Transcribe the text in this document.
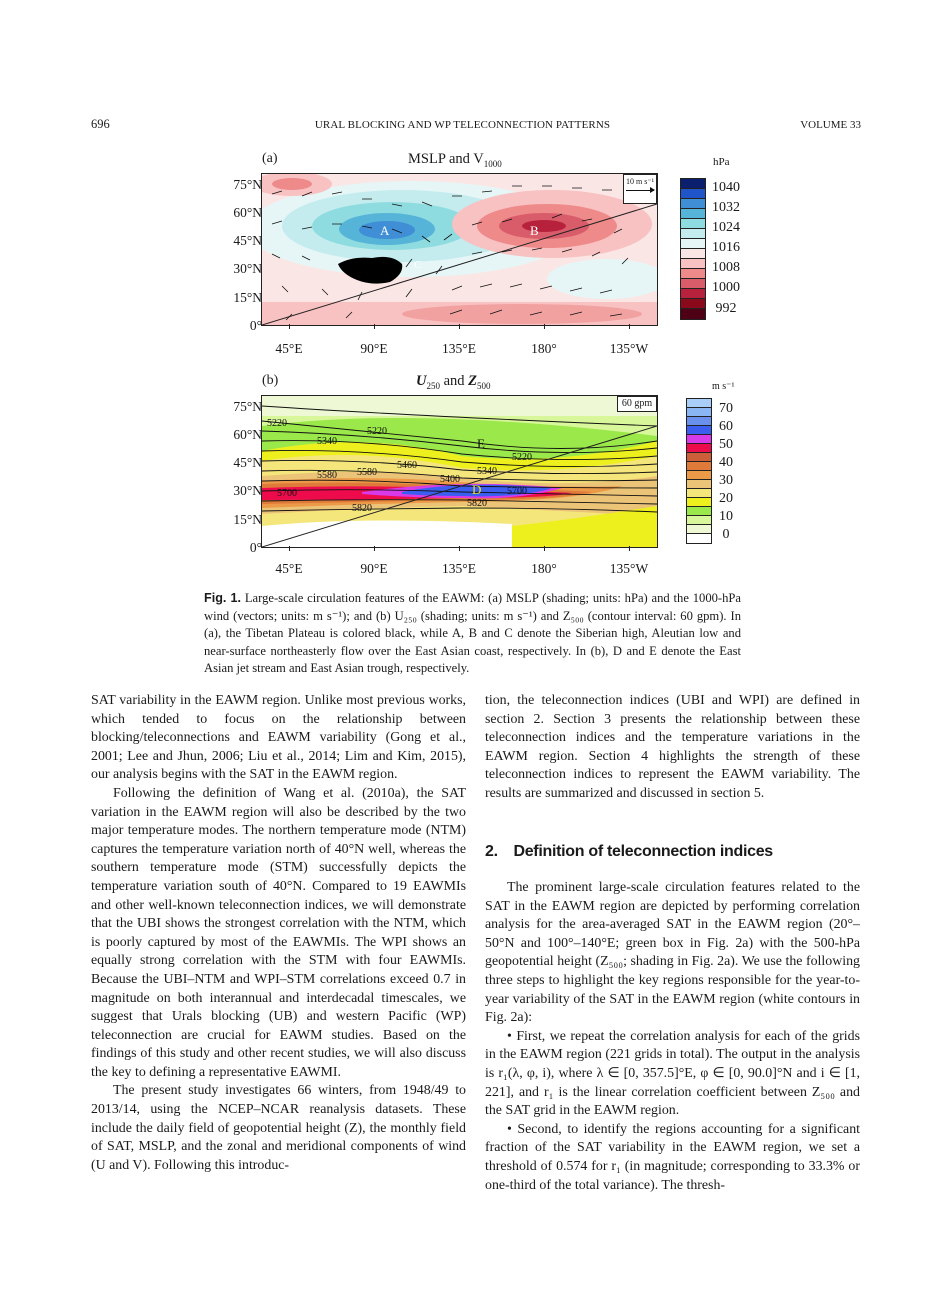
696	URAL BLOCKING AND WP TELECONNECTION PATTERNS	VOLUME 33
(a)	MSLP and $V_{1000}$
75°N
60°N
45°N
30°N
15°N
0°
A	B
C
10 m s⁻¹
45°E	90°E	135°E	180°	135°W
hPa
1040
1032
1024
1016
1008
1000
992
(b)	$U_{250}$ and $Z_{500}$
75°N
60°N
45°N
30°N
15°N
0°
5220
5220
5340
5220
5460
5580 5580	5340
5400
5700	5700
5820
5820
D
E
60 gpm
45°E	90°E	135°E	180°	135°W
m s⁻¹
70
60
50
40
30
20
10
0
Fig. 1. Large-scale circulation features of the EAWM: (a) MSLP (shading; units: hPa) and the 1000-hPa wind (vectors; units: m s⁻¹); and (b) U₂₅₀ (shading; units: m s⁻¹) and Z₅₀₀ (contour interval: 60 gpm). In (a), the Tibetan Plateau is colored black, while A, B and C denote the Siberian high, Aleutian low and near-surface northeasterly flow over the East Asian coast, respectively. In (b), D and E denote the East Asian jet stream and East Asian trough, respectively.

SAT variability in the EAWM region. Unlike most previous works, which tended to focus on the relationship between blocking/teleconnections and EAWM variability (Gong et al., 2001; Lee and Jhun, 2006; Liu et al., 2014; Lim and Kim, 2015), our analysis begins with the SAT in the EAWM region.

Following the definition of Wang et al. (2010a), the SAT variation in the EAWM region will also be described by the two major temperature modes. The northern temperature mode (NTM) captures the temperature variation north of 40°N well, whereas the southern temperature mode (STM) successfully depicts the temperature variation south of 40°N. Compared to 19 EAWMIs and other well-known teleconnection indices, we will demonstrate that the UBI shows the strongest correlation with the NTM, which is poorly captured by most of the EAWMIs. The WPI shows an equally strong correlation with the STM with four EAWMIs. Because the UBI–NTM and WPI–STM correlations exceed 0.7 in magnitude on both interannual and interdecadal timescales, we suggest that Urals blocking (UB) and western Pacific (WP) teleconnection are crucial for EAWM studies. Based on the findings of this study and other recent studies, we will also discuss the key to defining a representative EAWMI.

The present study investigates 66 winters, from 1948/49 to 2013/14, using the NCEP–NCAR reanalysis datasets. These include the daily field of geopotential height (Z), the monthly field of SAT, MSLP, and the zonal and meridional components of wind (U and V). Following this introduc-

tion, the teleconnection indices (UBI and WPI) are defined in section 2. Section 3 presents the relationship between these teleconnection indices and the temperature variations in the EAWM region. Section 4 highlights the strength of these teleconnection indices to represent the EAWM variability. The results are summarized and discussed in section 5.

2. Definition of teleconnection indices

The prominent large-scale circulation features related to the SAT in the EAWM region are depicted by performing correlation analysis for the area-averaged SAT in the EAWM region (20°–50°N and 100°–140°E; green box in Fig. 2a) with the 500-hPa geopotential height (Z₅₀₀; shading in Fig. 2a). We use the following three steps to highlight the key regions responsible for the year-to-year variability of the SAT in the EAWM region (white contours in Fig. 2a):

• First, we repeat the correlation analysis for each of the grids in the EAWM region (221 grids in total). The output in the analysis is r₁(λ, φ, i), where λ ∈ [0, 357.5]°E, φ ∈ [0, 90.0]°N and i ∈ [1, 221], and r₁ is the linear correlation coefficient between Z₅₀₀ and the SAT grid in the EAWM region.

• Second, to identify the regions accounting for a significant fraction of the SAT variability in the EAWM region, we set a threshold of 0.574 for r₁ (in magnitude; corresponding to 33.3% or one-third of the total variance). The thresh-
